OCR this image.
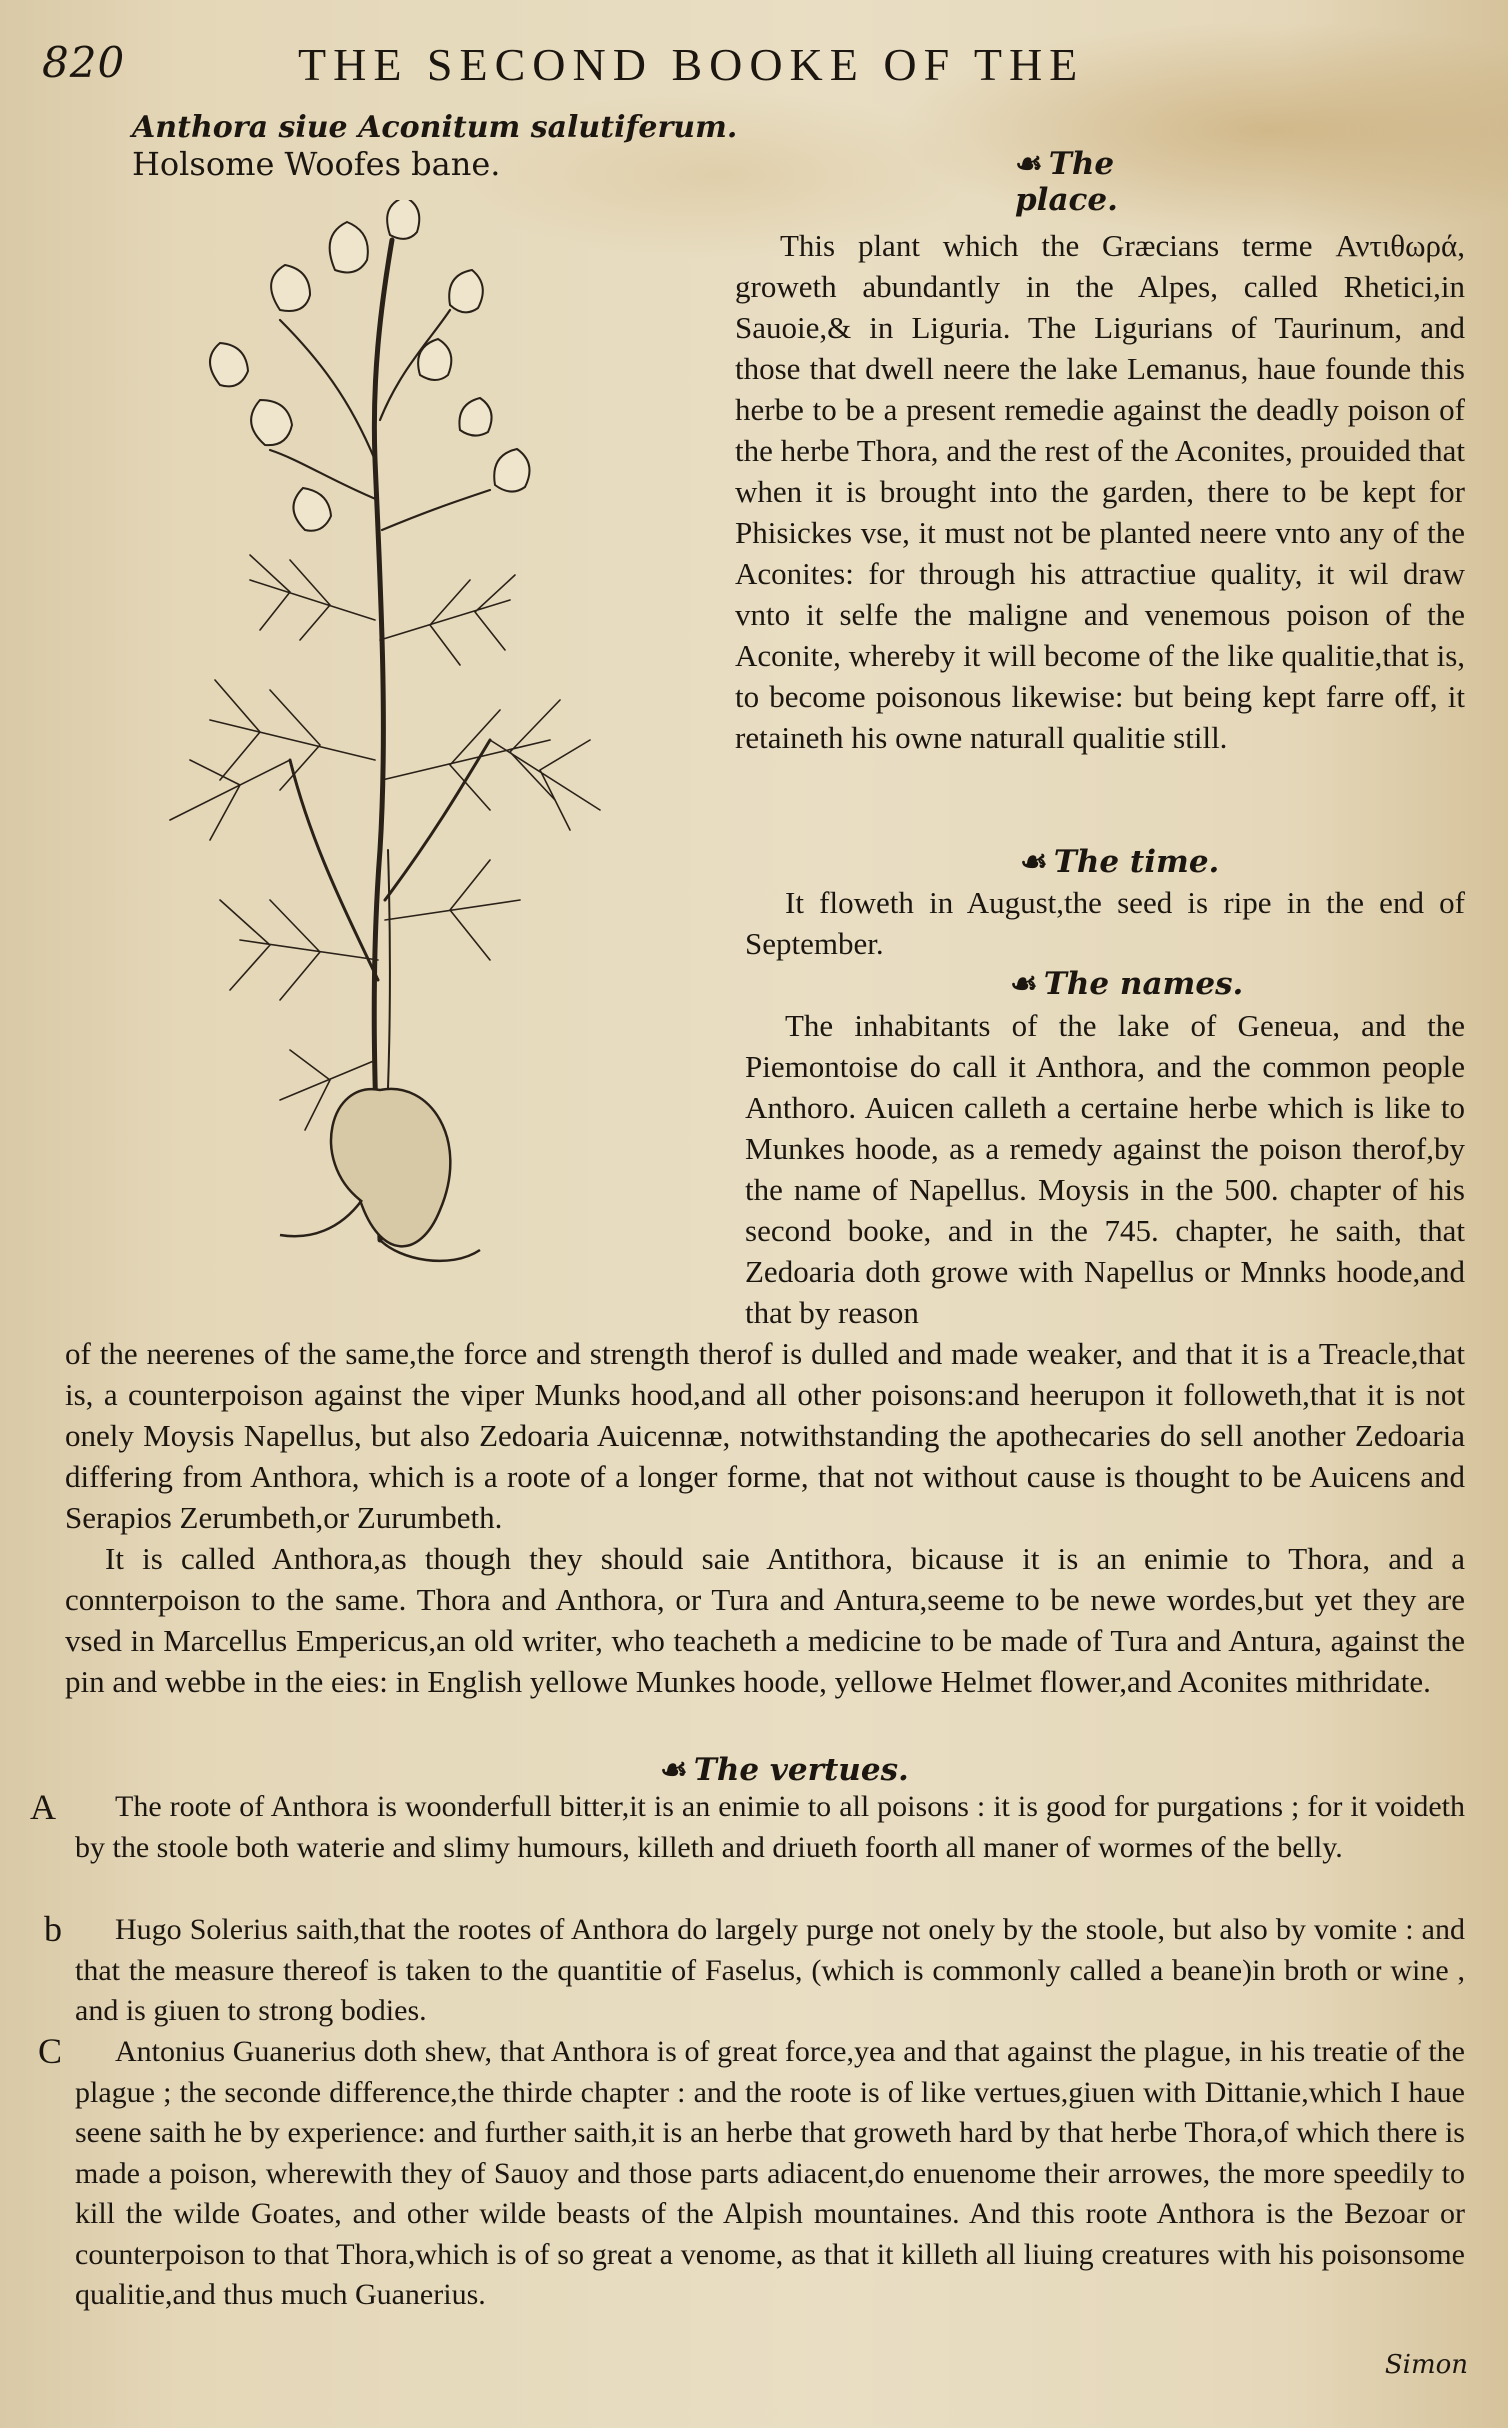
820	THE SECOND BOOKE OF THE
Anthora siue Aconitum salutiferum.
Holsome Woofes bane.	☙ The place.
This plant which the Græcians terme Αντιθωρά, groweth abundantly in the Alpes, called Rhetici,in Sauoie,& in Liguria. The Ligurians of Taurinum, and those that dwell neere the lake Lemanus, haue founde this herbe to be a present remedie against the deadly poison of the herbe Thora, and the rest of the Aconites, prouided that when it is brought into the garden, there to be kept for Phisickes vse, it must not be planted neere vnto any of the Aconites: for through his attractiue quality, it wil draw vnto it selfe the maligne and venemous poison of the Aconite, whereby it will become of the like qualitie,that is, to become poisonous likewise: but being kept farre off, it retaineth his owne naturall qualitie still.
☙ The time.
It floweth in August,the seed is ripe in the end of September.
☙ The names.
The inhabitants of the lake of Geneua, and the Piemontoise do call it Anthora, and the common people Anthoro. Auicen calleth a certaine herbe which is like to Munkes hoode, as a remedy against the poison therof,by the name of Napellus. Moysis in the 500. chapter of his second booke, and in the 745. chapter, he saith, that Zedoaria doth growe with Napellus or Mnnks hoode,and that by reason
of the neerenes of the same,the force and strength therof is dulled and made weaker, and that it is a Treacle,that is, a counterpoison against the viper Munks hood,and all other poisons:and heerupon it followeth,that it is not onely Moysis Napellus, but also Zedoaria Auicennæ, notwithstanding the apothecaries do sell another Zedoaria differing from Anthora, which is a roote of a longer forme, that not without cause is thought to be Auicens and Serapios Zerumbeth,or Zurumbeth.
It is called Anthora,as though they should saie Antithora, bicause it is an enimie to Thora, and a connterpoison to the same. Thora and Anthora, or Tura and Antura,seeme to be newe wordes,but yet they are vsed in Marcellus Empericus,an old writer, who teacheth a medicine to be made of Tura and Antura, against the pin and webbe in the eies: in English yellowe Munkes hoode, yellowe Helmet flower,and Aconites mithridate.
☙ The vertues.
A	The roote of Anthora is woonderfull bitter,it is an enimie to all poisons : it is good for purgations ; for it voideth by the stoole both waterie and slimy humours, killeth and driueth foorth all maner of wormes of the belly.
b	Hugo Solerius saith,that the rootes of Anthora do largely purge not onely by the stoole, but also by vomite : and that the measure thereof is taken to the quantitie of Faselus, (which is commonly called a beane)in broth or wine , and is giuen to strong bodies.
C	Antonius Guanerius doth shew, that Anthora is of great force,yea and that against the plague, in his treatie of the plague ; the seconde difference,the thirde chapter : and the roote is of like vertues,giuen with Dittanie,which I haue seene saith he by experience: and further saith,it is an herbe that groweth hard by that herbe Thora,of which there is made a poison, wherewith they of Sauoy and those parts adiacent,do enuenome their arrowes, the more speedily to kill the wilde Goates, and other wilde beasts of the Alpish mountaines. And this roote Anthora is the Bezoar or counterpoison to that Thora,which is of so great a venome, as that it killeth all liuing creatures with his poisonsome qualitie,and thus much Guanerius.
Simon
